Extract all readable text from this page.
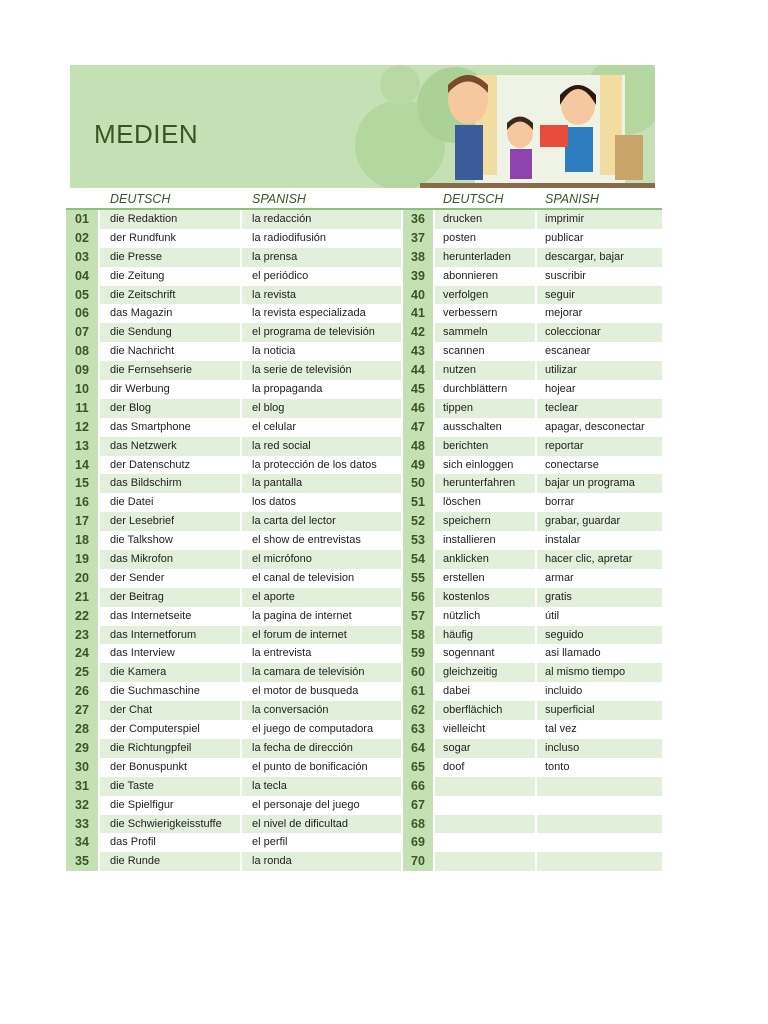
MEDIEN
DEUTSCH	SPANISH	DEUTSCH	SPANISH
01	die Redaktion	la redacción	36	drucken	imprimir
02	der Rundfunk	la radiodifusión	37	posten	publicar
03	die Presse	la prensa	38	herunterladen	descargar, bajar
04	die Zeitung	el periódico	39	abonnieren	suscribir
05	die Zeitschrift	la revista	40	verfolgen	seguir
06	das Magazin	la revista especializada	41	verbessern	mejorar
07	die Sendung	el programa de televisión	42	sammeln	coleccionar
08	die Nachricht	la noticia	43	scannen	escanear
09	die Fernsehserie	la serie de televisión	44	nutzen	utilizar
10	dir Werbung	la propaganda	45	durchblättern	hojear
11	der Blog	el blog	46	tippen	teclear
12	das Smartphone	el celular	47	ausschalten	apagar, desconectar
13	das Netzwerk	la red social	48	berichten	reportar
14	der Datenschutz	la protección de los datos	49	sich einloggen	conectarse
15	das Bildschirm	la pantalla	50	herunterfahren	bajar un programa
16	die Datei	los datos	51	löschen	borrar
17	der Lesebrief	la carta del lector	52	speichern	grabar, guardar
18	die Talkshow	el show de entrevistas	53	installieren	instalar
19	das Mikrofon	el micrófono	54	anklicken	hacer clic, apretar
20	der Sender	el canal de television	55	erstellen	armar
21	der Beitrag	el aporte	56	kostenlos	gratis
22	das Internetseite	la pagina de internet	57	nützlich	útil
23	das Internetforum	el forum de internet	58	häufig	seguido
24	das Interview	la entrevista	59	sogennant	asi llamado
25	die Kamera	la camara de televisión	60	gleichzeitig	al mismo tiempo
26	die Suchmaschine	el motor de busqueda	61	dabei	incluido
27	der Chat	la conversación	62	oberflächich	superficial
28	der Computerspiel	el juego de computadora	63	vielleicht	tal vez
29	die Richtungpfeil	la fecha de dirección	64	sogar	incluso
30	der Bonuspunkt	el punto de bonificación	65	doof	tonto
31	die Taste	la tecla	66
32	die Spielfigur	el personaje del juego	67
33	die Schwierigkeisstuffe	el nivel de dificultad	68
34	das Profil	el perfil	69
35	die Runde	la ronda	70
